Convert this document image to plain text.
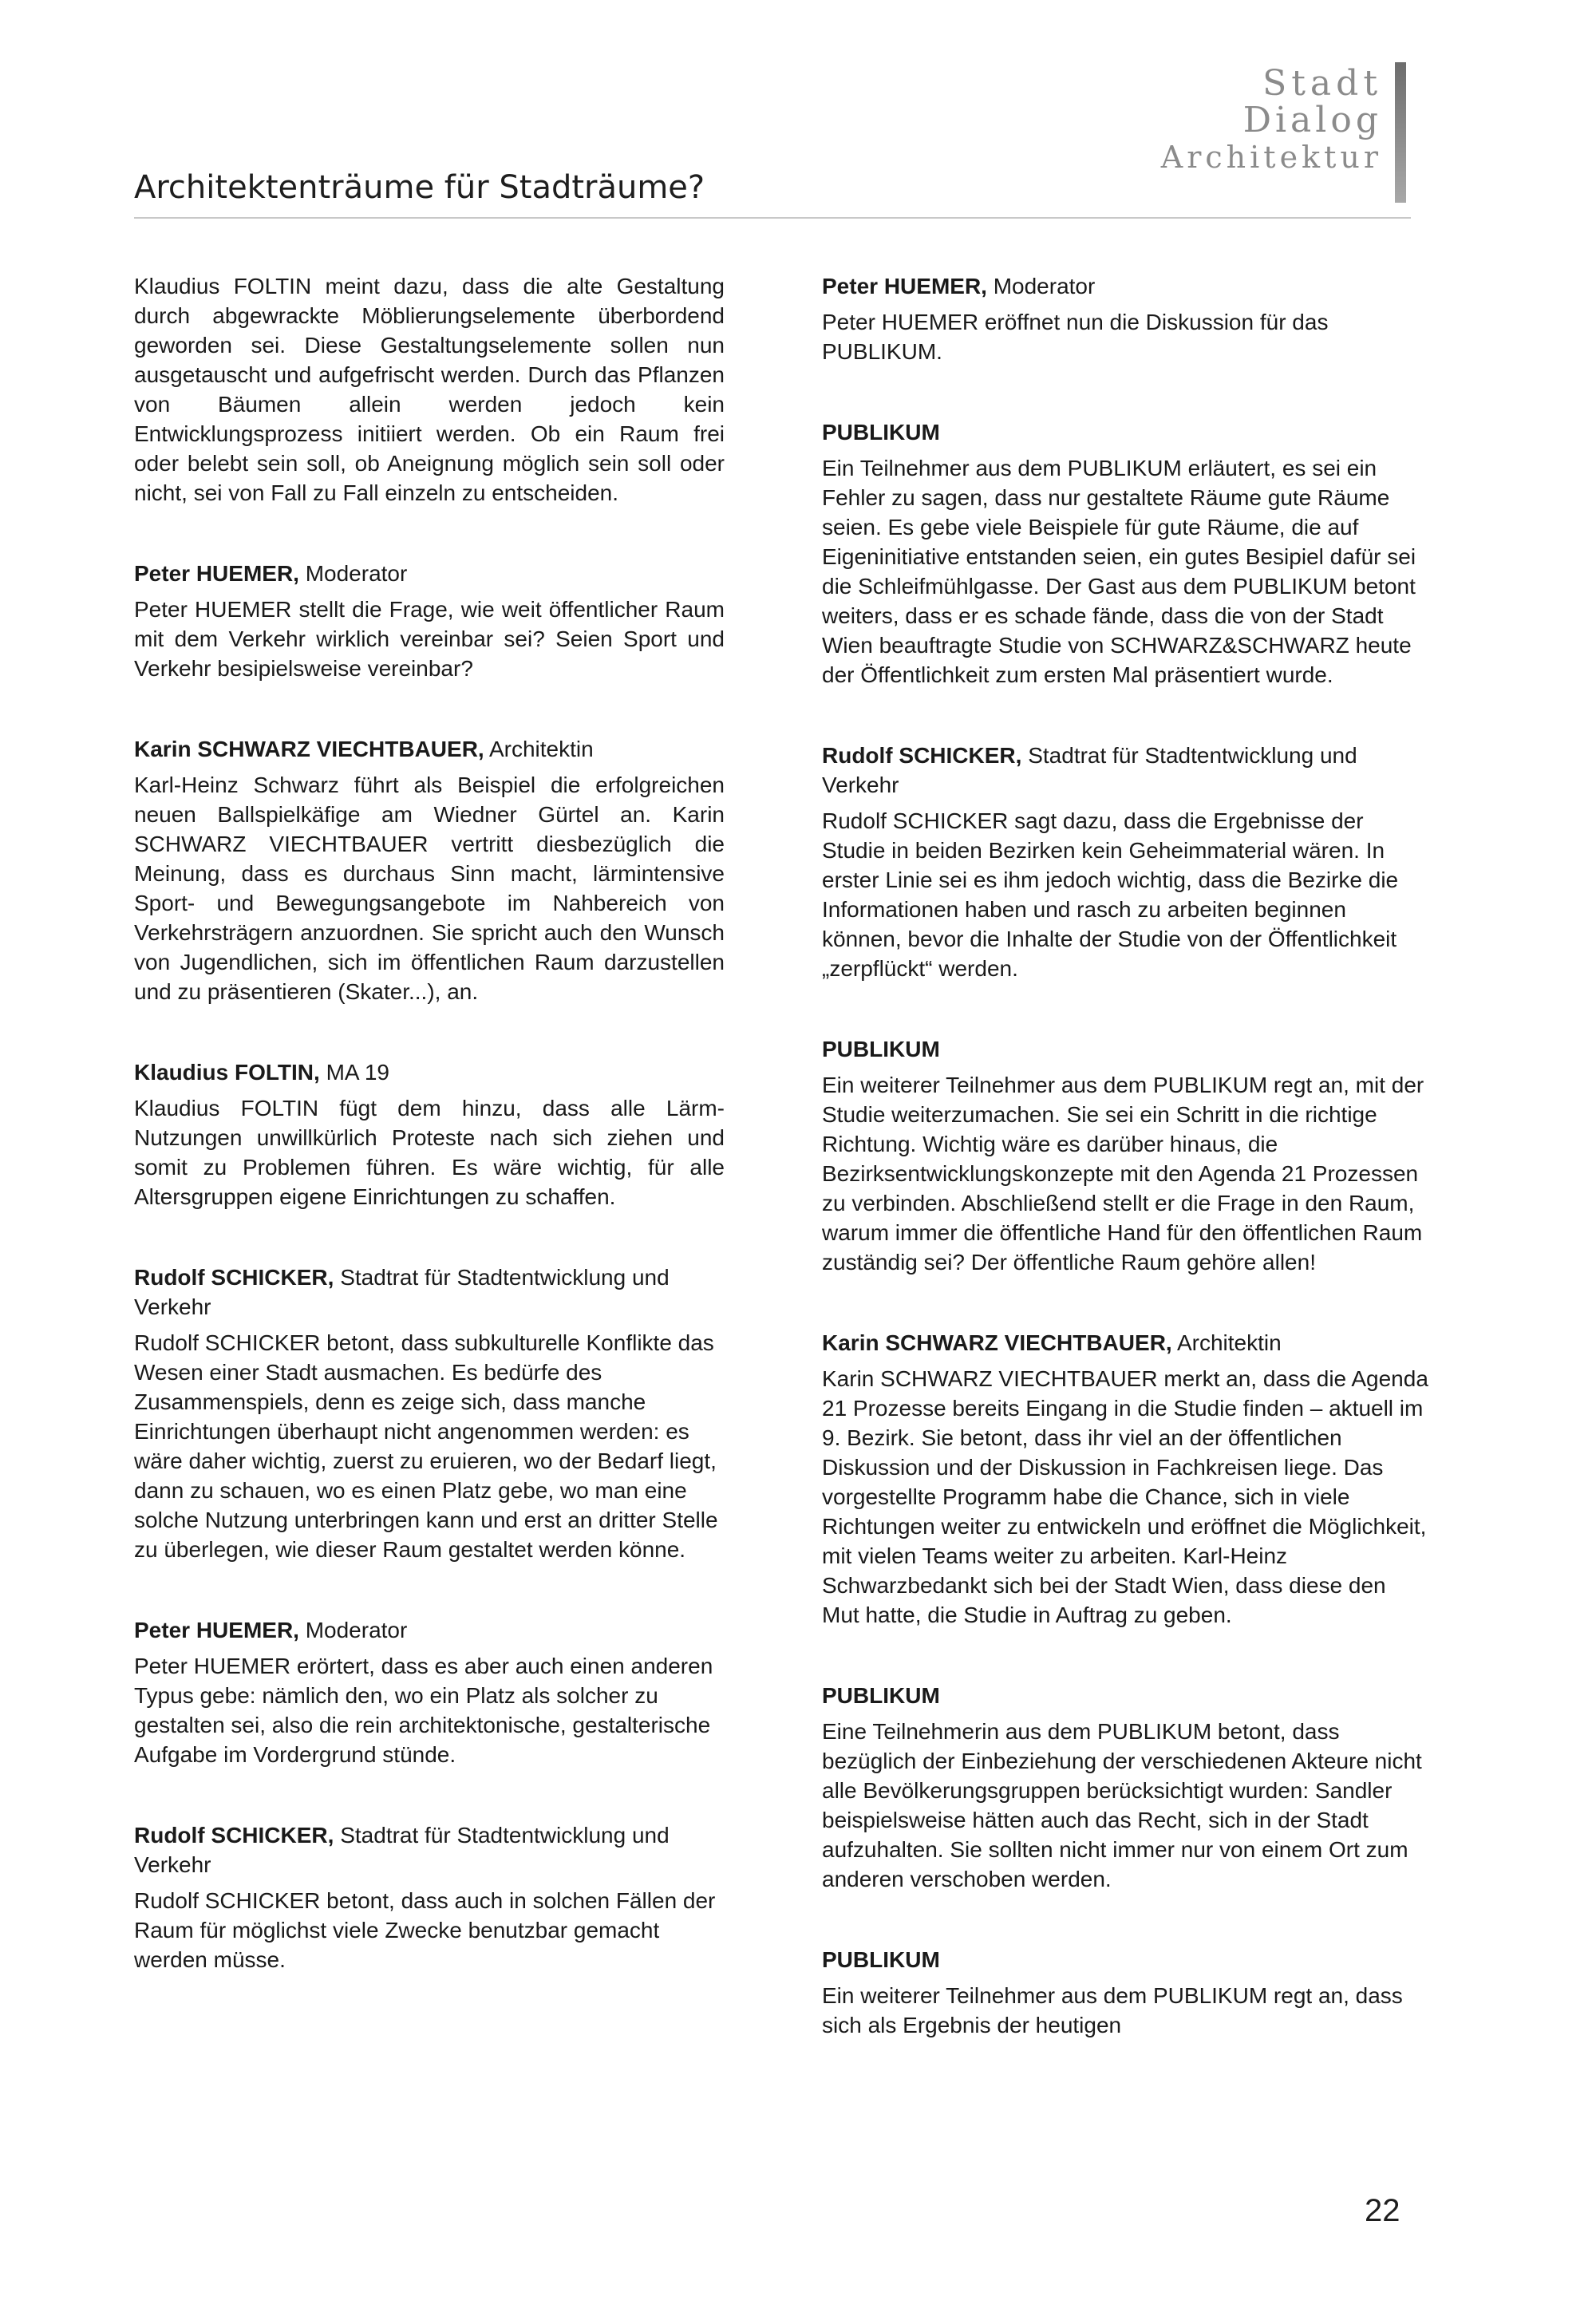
Architektenträume für Stadträume?
Stadt
Dialog
Architektur

Klaudius FOLTIN meint dazu, dass die alte Gestaltung durch abgewrackte Möblierungselemente überbordend geworden sei. Diese Gestaltungselemente sollen nun ausgetauscht und aufgefrischt werden. Durch das Pflanzen von Bäumen allein werden jedoch kein Entwicklungsprozess initiiert werden. Ob ein Raum frei oder belebt sein soll, ob Aneignung möglich sein soll oder nicht, sei von Fall zu Fall einzeln zu entscheiden.

Peter HUEMER, Moderator

Peter HUEMER stellt die Frage, wie weit öffentlicher Raum mit dem Verkehr wirklich vereinbar sei? Seien Sport und Verkehr besipielsweise vereinbar?

Karin SCHWARZ VIECHTBAUER, Architektin

Karl-Heinz Schwarz führt als Beispiel die erfolgreichen neuen Ballspielkäfige am Wiedner Gürtel an. Karin SCHWARZ VIECHTBAUER vertritt diesbezüglich die Meinung, dass es durchaus Sinn macht, lärmintensive Sport- und Bewegungsangebote im Nahbereich von Verkehrsträgern anzuordnen. Sie spricht auch den Wunsch von Jugendlichen, sich im öffentlichen Raum darzustellen und zu präsentieren (Skater...), an.

Klaudius FOLTIN, MA 19

Klaudius FOLTIN fügt dem hinzu, dass alle Lärm-Nutzungen unwillkürlich Proteste nach sich ziehen und somit zu Problemen führen. Es wäre wichtig, für alle Altersgruppen eigene Einrichtungen zu schaffen.

Rudolf SCHICKER, Stadtrat für Stadtentwicklung und Verkehr

Rudolf SCHICKER betont, dass subkulturelle Konflikte das Wesen einer Stadt ausmachen. Es bedürfe des Zusammenspiels, denn es zeige sich, dass manche Einrichtungen überhaupt nicht angenommen werden: es wäre daher wichtig, zuerst zu eruieren, wo der Bedarf liegt, dann zu schauen, wo es einen Platz gebe, wo man eine solche Nutzung unterbringen kann und erst an dritter Stelle zu überlegen, wie dieser Raum gestaltet werden könne.

Peter HUEMER, Moderator

Peter HUEMER erörtert, dass es aber auch einen anderen Typus gebe: nämlich den, wo ein Platz als solcher zu gestalten sei, also die rein architektonische, gestalterische Aufgabe im Vordergrund stünde.

Rudolf SCHICKER, Stadtrat für Stadtentwicklung und Verkehr

Rudolf SCHICKER betont, dass auch in solchen Fällen der Raum für möglichst viele Zwecke benutzbar gemacht werden müsse.

Peter HUEMER, Moderator

Peter HUEMER eröffnet nun die Diskussion für das PUBLIKUM.

PUBLIKUM

Ein Teilnehmer aus dem PUBLIKUM erläutert, es sei ein Fehler zu sagen, dass nur gestaltete Räume gute Räume seien. Es gebe viele Beispiele für gute Räume, die auf Eigeninitiative entstanden seien, ein gutes Besipiel dafür sei die Schleifmühlgasse. Der Gast aus dem PUBLIKUM betont weiters, dass er es schade fände, dass die von der Stadt Wien beauftragte Studie von SCHWARZ&SCHWARZ heute der Öffentlichkeit zum ersten Mal präsentiert wurde.

Rudolf SCHICKER, Stadtrat für Stadtentwicklung und Verkehr

Rudolf SCHICKER sagt dazu, dass die Ergebnisse der Studie in beiden Bezirken kein Geheimmaterial wären. In erster Linie sei es ihm jedoch wichtig, dass die Bezirke die Informationen haben und rasch zu arbeiten beginnen können, bevor die Inhalte der Studie von der Öffentlichkeit „zerpflückt“ werden.

PUBLIKUM

Ein weiterer Teilnehmer aus dem PUBLIKUM regt an, mit der Studie weiterzumachen. Sie sei ein Schritt in die richtige Richtung. Wichtig wäre es darüber hinaus, die Bezirksentwicklungskonzepte mit den Agenda 21 Prozessen zu verbinden. Abschließend stellt er die Frage in den Raum, warum immer die öffentliche Hand für den öffentlichen Raum zuständig sei? Der öffentliche Raum gehöre allen!

Karin SCHWARZ VIECHTBAUER, Architektin

Karin SCHWARZ VIECHTBAUER merkt an, dass die Agenda 21 Prozesse bereits Eingang in die Studie finden – aktuell im 9. Bezirk. Sie betont, dass ihr viel an der öffentlichen Diskussion und der Diskussion in Fachkreisen liege. Das vorgestellte Programm habe die Chance, sich in viele Richtungen weiter zu entwickeln und eröffnet die Möglichkeit, mit vielen Teams weiter zu arbeiten. Karl-Heinz Schwarzbedankt sich bei der Stadt Wien, dass diese den Mut hatte, die Studie in Auftrag zu geben.

PUBLIKUM

Eine Teilnehmerin aus dem PUBLIKUM betont, dass bezüglich der Einbeziehung der verschiedenen Akteure nicht alle Bevölkerungsgruppen berücksichtigt wurden: Sandler beispielsweise hätten auch das Recht, sich in der Stadt aufzuhalten. Sie sollten nicht immer nur von einem Ort zum anderen verschoben werden.

PUBLIKUM

Ein weiterer Teilnehmer aus dem PUBLIKUM regt an, dass sich als Ergebnis der heutigen

22
